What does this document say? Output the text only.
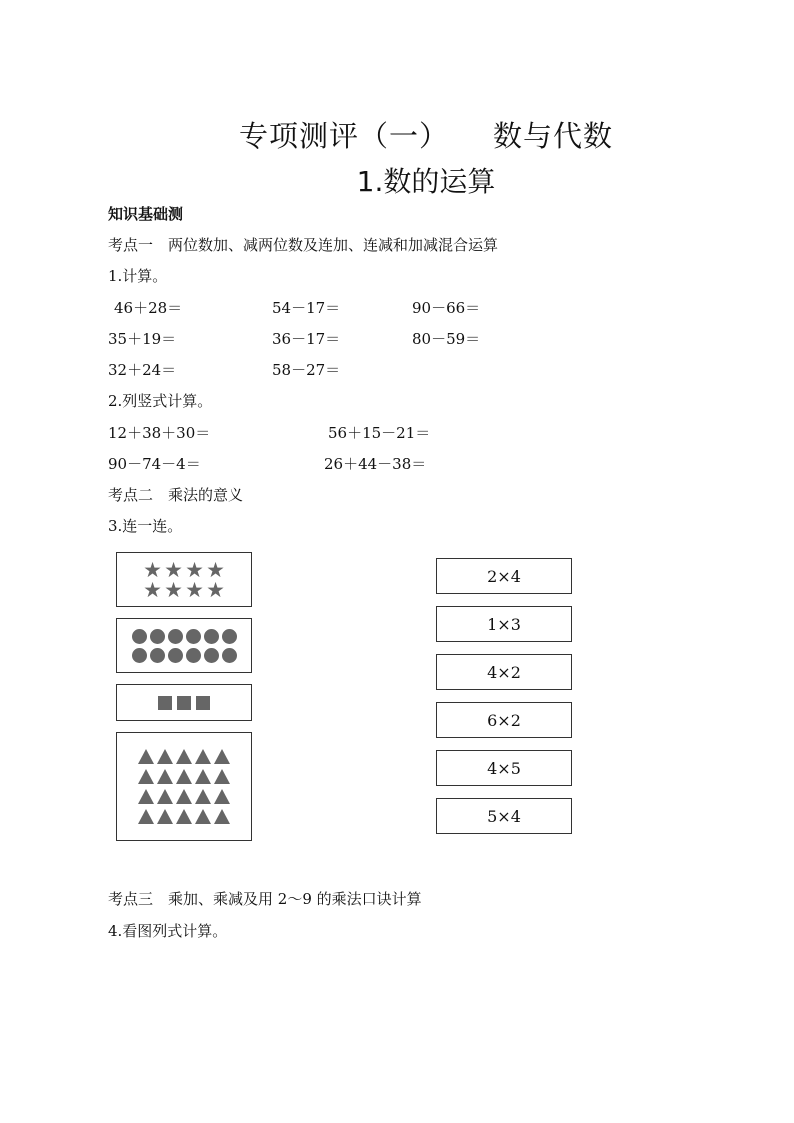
专项测评（一） 数与代数
1.数的运算
知识基础测
考点一　两位数加、减两位数及连加、连减和加减混合运算
1.计算。
46＋28＝	54－17＝	90－66＝
35＋19＝	36－17＝	80－59＝
32＋24＝	58－27＝
2.列竖式计算。
12＋38＋30＝	56＋15－21＝
90－74－4＝	26＋44－38＝
考点二　乘法的意义
3.连一连。
★ ★ ★ ★
★ ★ ★ ★
2×4
1×3
4×2
6×2
4×5
5×4
考点三　乘加、乘减及用 2～9 的乘法口诀计算
4.看图列式计算。
